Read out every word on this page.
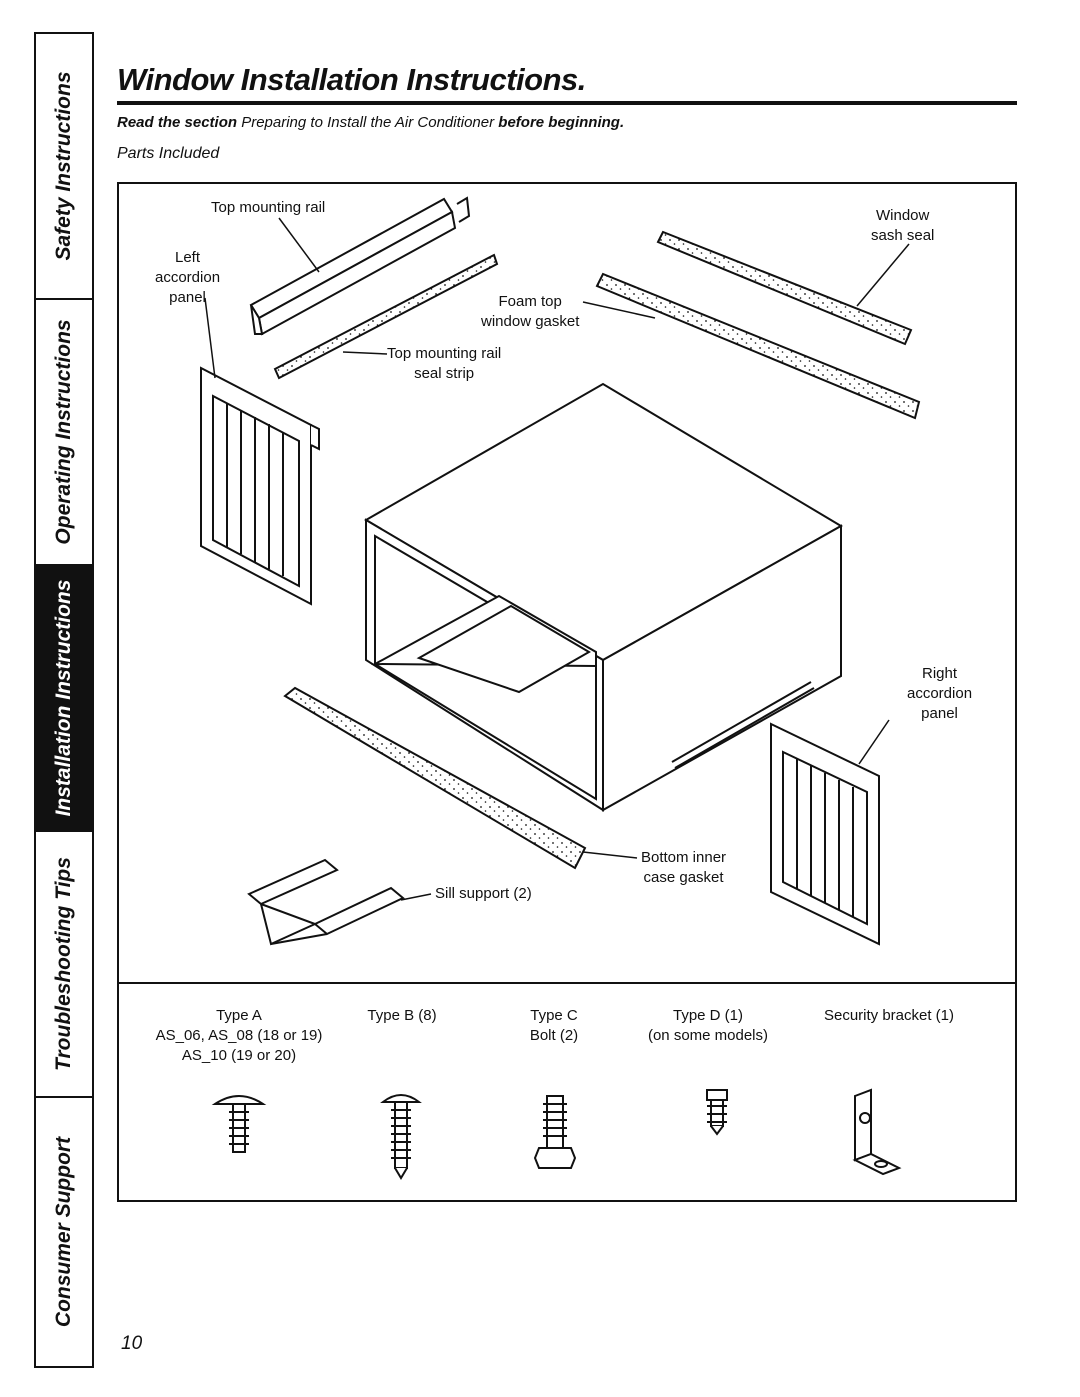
Safety Instructions
Operating Instructions
Installation Instructions
Troubleshooting Tips
Consumer Support
Window Installation Instructions.
Read the section Preparing to Install the Air Conditioner before beginning.
Parts Included
Top mounting rail
Left
accordion
panel	Foam top
window gasket
Top mounting rail
seal strip
Window
sash seal
Right
accordion
panel
Bottom inner
case gasket
Sill support (2)
Type A
AS_06, AS_08 (18 or 19)
AS_10 (19 or 20)
Type B (8)	Type C
Bolt (2)
Type D (1)
(on some models)
Security bracket (1)
10
